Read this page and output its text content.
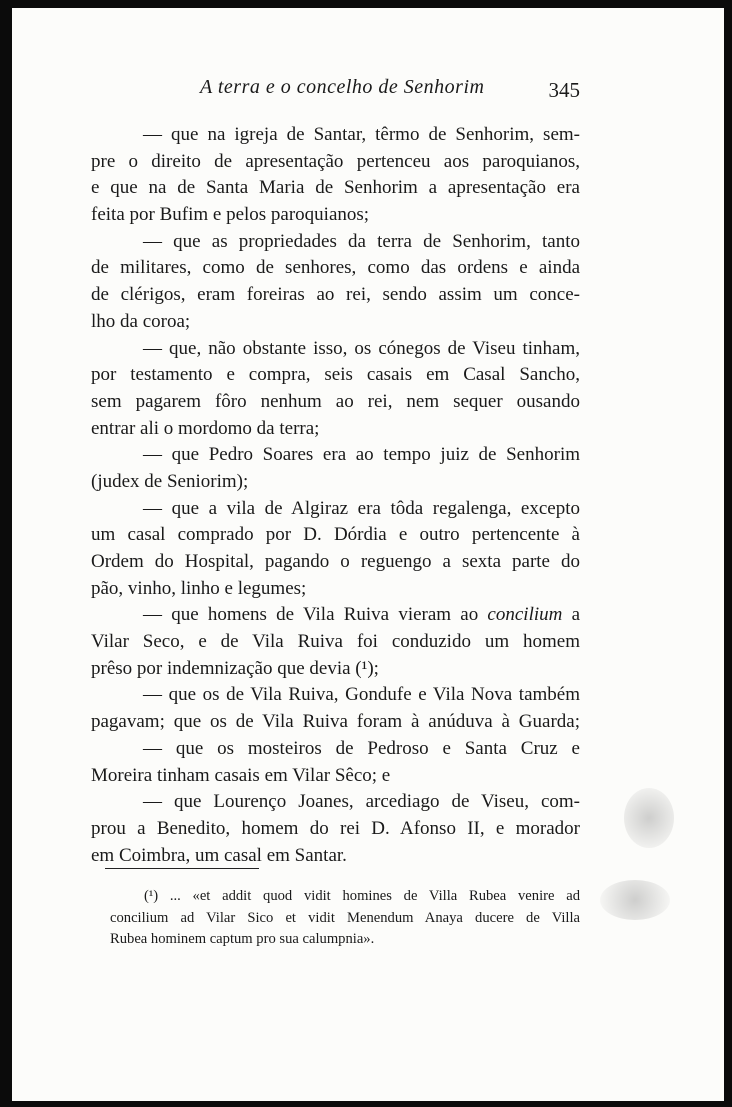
A terra e o concelho de Senhorim	345
— que na igreja de Santar, têrmo de Senhorim, sem-
pre o direito de apresentação pertenceu aos paroquianos,
e que na de Santa Maria de Senhorim a apresentação era
feita por Bufim e pelos paroquianos;
— que as propriedades da terra de Senhorim, tanto
de militares, como de senhores, como das ordens e ainda
de clérigos, eram foreiras ao rei, sendo assim um conce-
lho da coroa;
— que, não obstante isso, os cónegos de Viseu tinham,
por testamento e compra, seis casais em Casal Sancho,
sem pagarem fôro nenhum ao rei, nem sequer ousando
entrar ali o mordomo da terra;
— que Pedro Soares era ao tempo juiz de Senhorim
(judex de Seniorim);
— que a vila de Algiraz era tôda regalenga, excepto
um casal comprado por D. Dórdia e outro pertencente à
Ordem do Hospital, pagando o reguengo a sexta parte do
pão, vinho, linho e legumes;
— que homens de Vila Ruiva vieram ao concilium a
Vilar Seco, e de Vila Ruiva foi conduzido um homem
prêso por indemnização que devia (¹);
— que os de Vila Ruiva, Gondufe e Vila Nova também
pagavam; que os de Vila Ruiva foram à anúduva à Guarda;
— que os mosteiros de Pedroso e Santa Cruz e
Moreira tinham casais em Vilar Sêco; e
— que Lourenço Joanes, arcediago de Viseu, com-
prou a Benedito, homem do rei D. Afonso II, e morador
em Coimbra, um casal em Santar.
(¹) ... «et addit quod vidit homines de Villa Rubea venire ad
concilium ad Vilar Sico et vidit Menendum Anaya ducere de Villa
Rubea hominem captum pro sua calumpnia».
